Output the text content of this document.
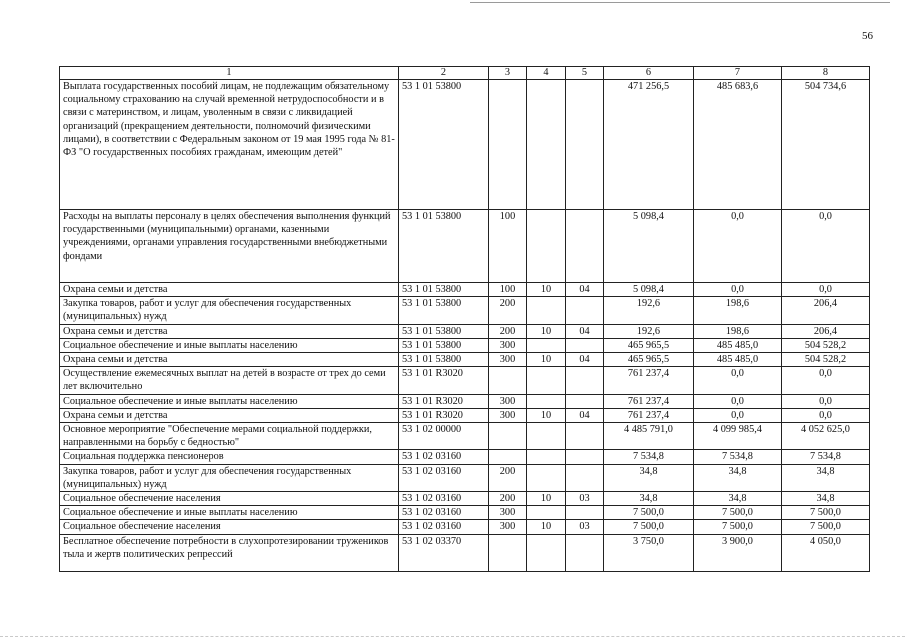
56
1	2	3	4	5	6	7	8
Выплата государственных пособий лицам, не подлежащим обязательному социальному страхованию на случай временной нетрудоспособности и в связи с материнством, и лицам, уволенным в связи с ликвидацией организаций (прекращением деятельности, полномочий физическими лицами), в соответствии с Федеральным законом от 19 мая 1995 года № 81-ФЗ "О государственных пособиях гражданам, имеющим детей"	53 1 01 53800				471 256,5	485 683,6	504 734,6
Расходы на выплаты персоналу в целях обеспечения выполнения функций государственными (муниципальными) органами, казенными учреждениями, органами управления государственными внебюджетными фондами	53 1 01 53800	100			5 098,4	0,0	0,0
Охрана семьи и детства	53 1 01 53800	100	10	04	5 098,4	0,0	0,0
Закупка товаров, работ и услуг для обеспечения государственных (муниципальных) нужд	53 1 01 53800	200			192,6	198,6	206,4
Охрана семьи и детства	53 1 01 53800	200	10	04	192,6	198,6	206,4
Социальное обеспечение и иные выплаты населению	53 1 01 53800	300			465 965,5	485 485,0	504 528,2
Охрана семьи и детства	53 1 01 53800	300	10	04	465 965,5	485 485,0	504 528,2
Осуществление ежемесячных выплат на детей в возрасте от трех до семи лет включительно	53 1 01 R3020				761 237,4	0,0	0,0
Социальное обеспечение и иные выплаты населению	53 1 01 R3020	300			761 237,4	0,0	0,0
Охрана семьи и детства	53 1 01 R3020	300	10	04	761 237,4	0,0	0,0
Основное мероприятие "Обеспечение мерами социальной поддержки, направленными на борьбу с бедностью"	53 1 02 00000				4 485 791,0	4 099 985,4	4 052 625,0
Социальная поддержка пенсионеров	53 1 02 03160				7 534,8	7 534,8	7 534,8
Закупка товаров, работ и услуг для обеспечения государственных (муниципальных) нужд	53 1 02 03160	200			34,8	34,8	34,8
Социальное обеспечение населения	53 1 02 03160	200	10	03	34,8	34,8	34,8
Социальное обеспечение и иные выплаты населению	53 1 02 03160	300			7 500,0	7 500,0	7 500,0
Социальное обеспечение населения	53 1 02 03160	300	10	03	7 500,0	7 500,0	7 500,0
Бесплатное обеспечение потребности в слухопротезировании тружеников тыла и жертв политических репрессий	53 1 02 03370				3 750,0	3 900,0	4 050,0
